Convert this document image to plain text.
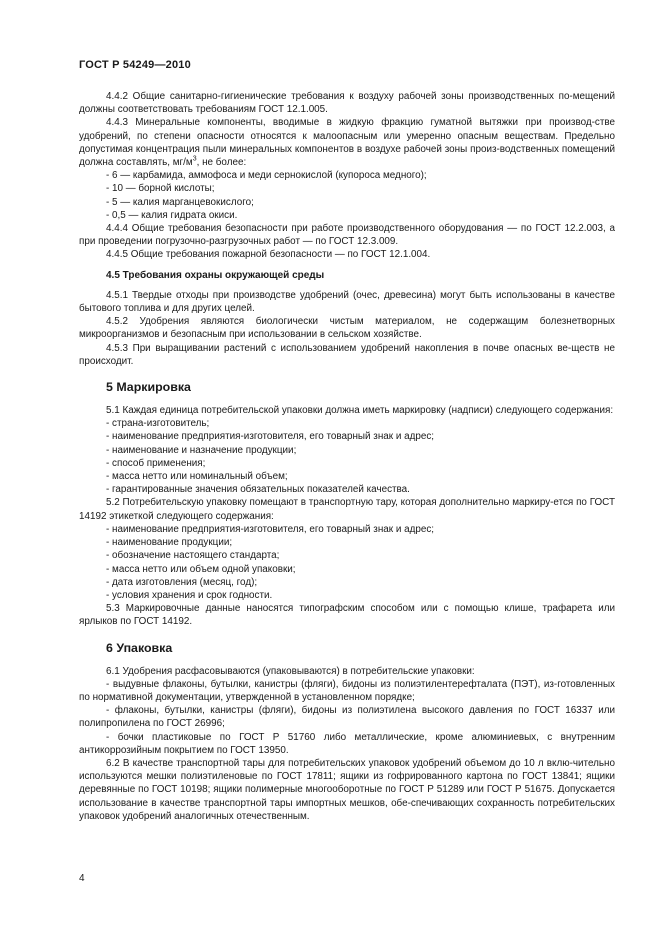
ГОСТ Р 54249—2010

4.4.2 Общие санитарно-гигиенические требования к воздуху рабочей зоны производственных по-мещений должны соответствовать требованиям ГОСТ 12.1.005.

4.4.3 Минеральные компоненты, вводимые в жидкую фракцию гуматной вытяжки при производ-стве удобрений, по степени опасности относятся к малоопасным или умеренно опасным веществам. Предельно допустимая концентрация пыли минеральных компонентов в воздухе рабочей зоны произ-водственных помещений должна составлять, $мг/м^3$, не более:

- 6 — карбамида, аммофоса и меди сернокислой (купороса медного);

- 10 — борной кислоты;

- 5 — калия марганцевокислого;

- 0,5 — калия гидрата окиси.

4.4.4 Общие требования безопасности при работе производственного оборудования — по ГОСТ 12.2.003, а при проведении погрузочно-разгрузочных работ — по ГОСТ 12.3.009.

4.4.5 Общие требования пожарной безопасности — по ГОСТ 12.1.004.

4.5 Требования охраны окружающей среды

4.5.1 Твердые отходы при производстве удобрений (очес, древесина) могут быть использованы в качестве бытового топлива и для других целей.

4.5.2 Удобрения являются биологически чистым материалом, не содержащим болезнетворных микроорганизмов и безопасным при использовании в сельском хозяйстве.

4.5.3 При выращивании растений с использованием удобрений накопления в почве опасных ве-ществ не происходит.

5 Маркировка

5.1 Каждая единица потребительской упаковки должна иметь маркировку (надписи) следующего содержания:

- страна-изготовитель;

- наименование предприятия-изготовителя, его товарный знак и адрес;

- наименование и назначение продукции;

- способ применения;

- масса нетто или номинальный объем;

- гарантированные значения обязательных показателей качества.

5.2 Потребительскую упаковку помещают в транспортную тару, которая дополнительно маркиру-ется по ГОСТ 14192 этикеткой следующего содержания:

- наименование предприятия-изготовителя, его товарный знак и адрес;

- наименование продукции;

- обозначение настоящего стандарта;

- масса нетто или объем одной упаковки;

- дата изготовления (месяц, год);

- условия хранения и срок годности.

5.3 Маркировочные данные наносятся типографским способом или с помощью клише, трафарета или ярлыков по ГОСТ 14192.

6 Упаковка

6.1 Удобрения расфасовываются (упаковываются) в потребительские упаковки:

- выдувные флаконы, бутылки, канистры (фляги), бидоны из полиэтилентерефталата (ПЭТ), из-готовленных по нормативной документации, утвержденной в установленном порядке;

- флаконы, бутылки, канистры (фляги), бидоны из полиэтилена высокого давления по ГОСТ 16337 или полипропилена по ГОСТ 26996;

- бочки пластиковые по ГОСТ Р 51760 либо металлические, кроме алюминиевых, с внутренним антикоррозийным покрытием по ГОСТ 13950.

6.2 В качестве транспортной тары для потребительских упаковок удобрений объемом до 10 л вклю-чительно используются мешки полиэтиленовые по ГОСТ 17811; ящики из гофрированного картона по ГОСТ 13841; ящики деревянные по ГОСТ 10198; ящики полимерные многооборотные по ГОСТ Р 51289 или ГОСТ Р 51675. Допускается использование в качестве транспортной тары импортных мешков, обе-спечивающих сохранность потребительских упаковок удобрений аналогичных отечественным.

4
